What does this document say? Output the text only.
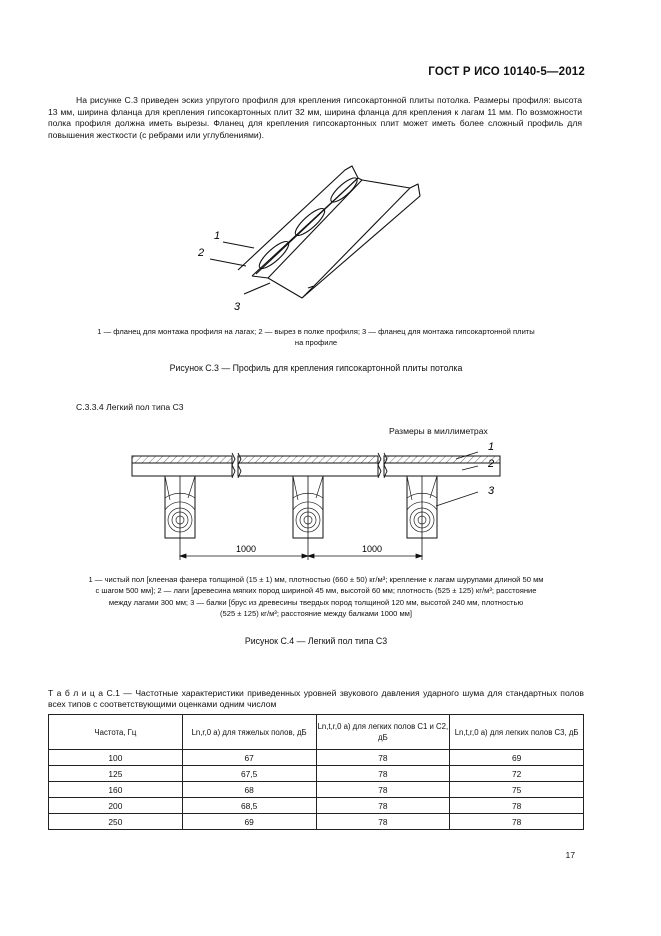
ГОСТ Р ИСО 10140-5—2012
На рисунке С.3 приведен эскиз упругого профиля для крепления гипсокартонной плиты потолка. Размеры профиля: высота 13 мм, ширина фланца для крепления гипсокартонных плит 32 мм, ширина фланца для крепления к лагам 11 мм. По возможности полка профиля должна иметь вырезы. Фланец для крепления гипсокартонных плит может иметь более сложный профиль для повышения жесткости (с ребрами или углублениями).
1
2
3
1 — фланец для монтажа профиля на лагах; 2 — вырез в полке профиля; 3 — фланец для монтажа гипсокартонной плиты
на профиле
Рисунок С.3 — Профиль для крепления гипсокартонной плиты потолка
С.3.3.4 Легкий пол типа С3
Размеры в миллиметрах
1000	1000
1
2
3
1 — чистый пол [клееная фанера толщиной (15 ± 1) мм, плотностью (660 ± 50) кг/м³; крепление к лагам шурупами длиной 50 мм
с шагом 500 мм]; 2 — лаги [древесина мягких пород шириной 45 мм, высотой 60 мм; плотность (525 ± 125) кг/м³; расстояние
между лагами 300 мм; 3 — балки [брус из древесины твердых пород толщиной 120 мм, высотой 240 мм, плотностью
(525 ± 125) кг/м³; расстояние между балками 1000 мм]
Рисунок С.4 — Легкий пол типа С3
Т а б л и ц а С.1 — Частотные характеристики приведенных уровней звукового давления ударного шума для стандартных полов всех типов с соответствующими оценками одним числом
Частота, Гц	Ln,r,0 а) для тяжелых полов, дБ	Ln,t,r,0 а) для легких полов С1 и С2, дБ	Ln,t,r,0 а) для легких полов С3, дБ
100	67	78	69
125	67,5	78	72
160	68	78	75
200	68,5	78	78
250	69	78	78
17
